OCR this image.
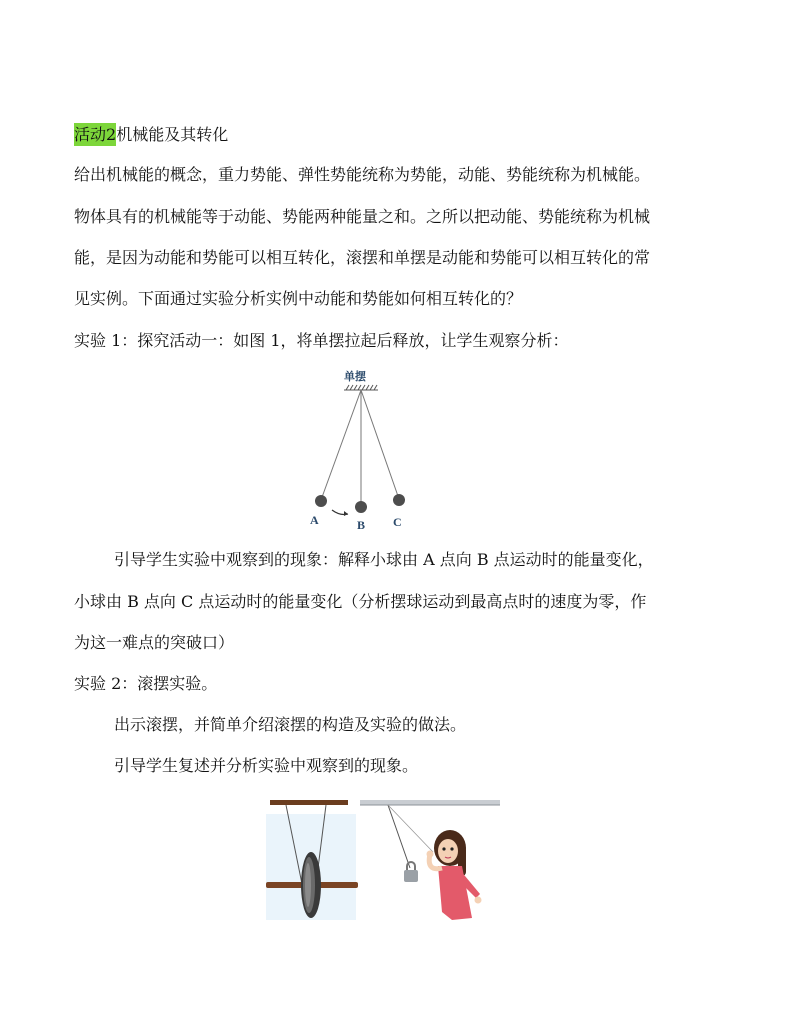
活动2机械能及其转化
给出机械能的概念，重力势能、弹性势能统称为势能，动能、势能统称为机械能。
物体具有的机械能等于动能、势能两种能量之和。之所以把动能、势能统称为机械
能，是因为动能和势能可以相互转化，滚摆和单摆是动能和势能可以相互转化的常
见实例。下面通过实验分析实例中动能和势能如何相互转化的？
实验 1：探究活动一：如图 1，将单摆拉起后释放，让学生观察分析：
单摆
A	B C
引导学生实验中观察到的现象：解释小球由 A 点向 B 点运动时的能量变化，
小球由 B 点向 C 点运动时的能量变化（分析摆球运动到最高点时的速度为零，作
为这一难点的突破口）
实验 2：滚摆实验。
出示滚摆，并简单介绍滚摆的构造及实验的做法。
引导学生复述并分析实验中观察到的现象。
